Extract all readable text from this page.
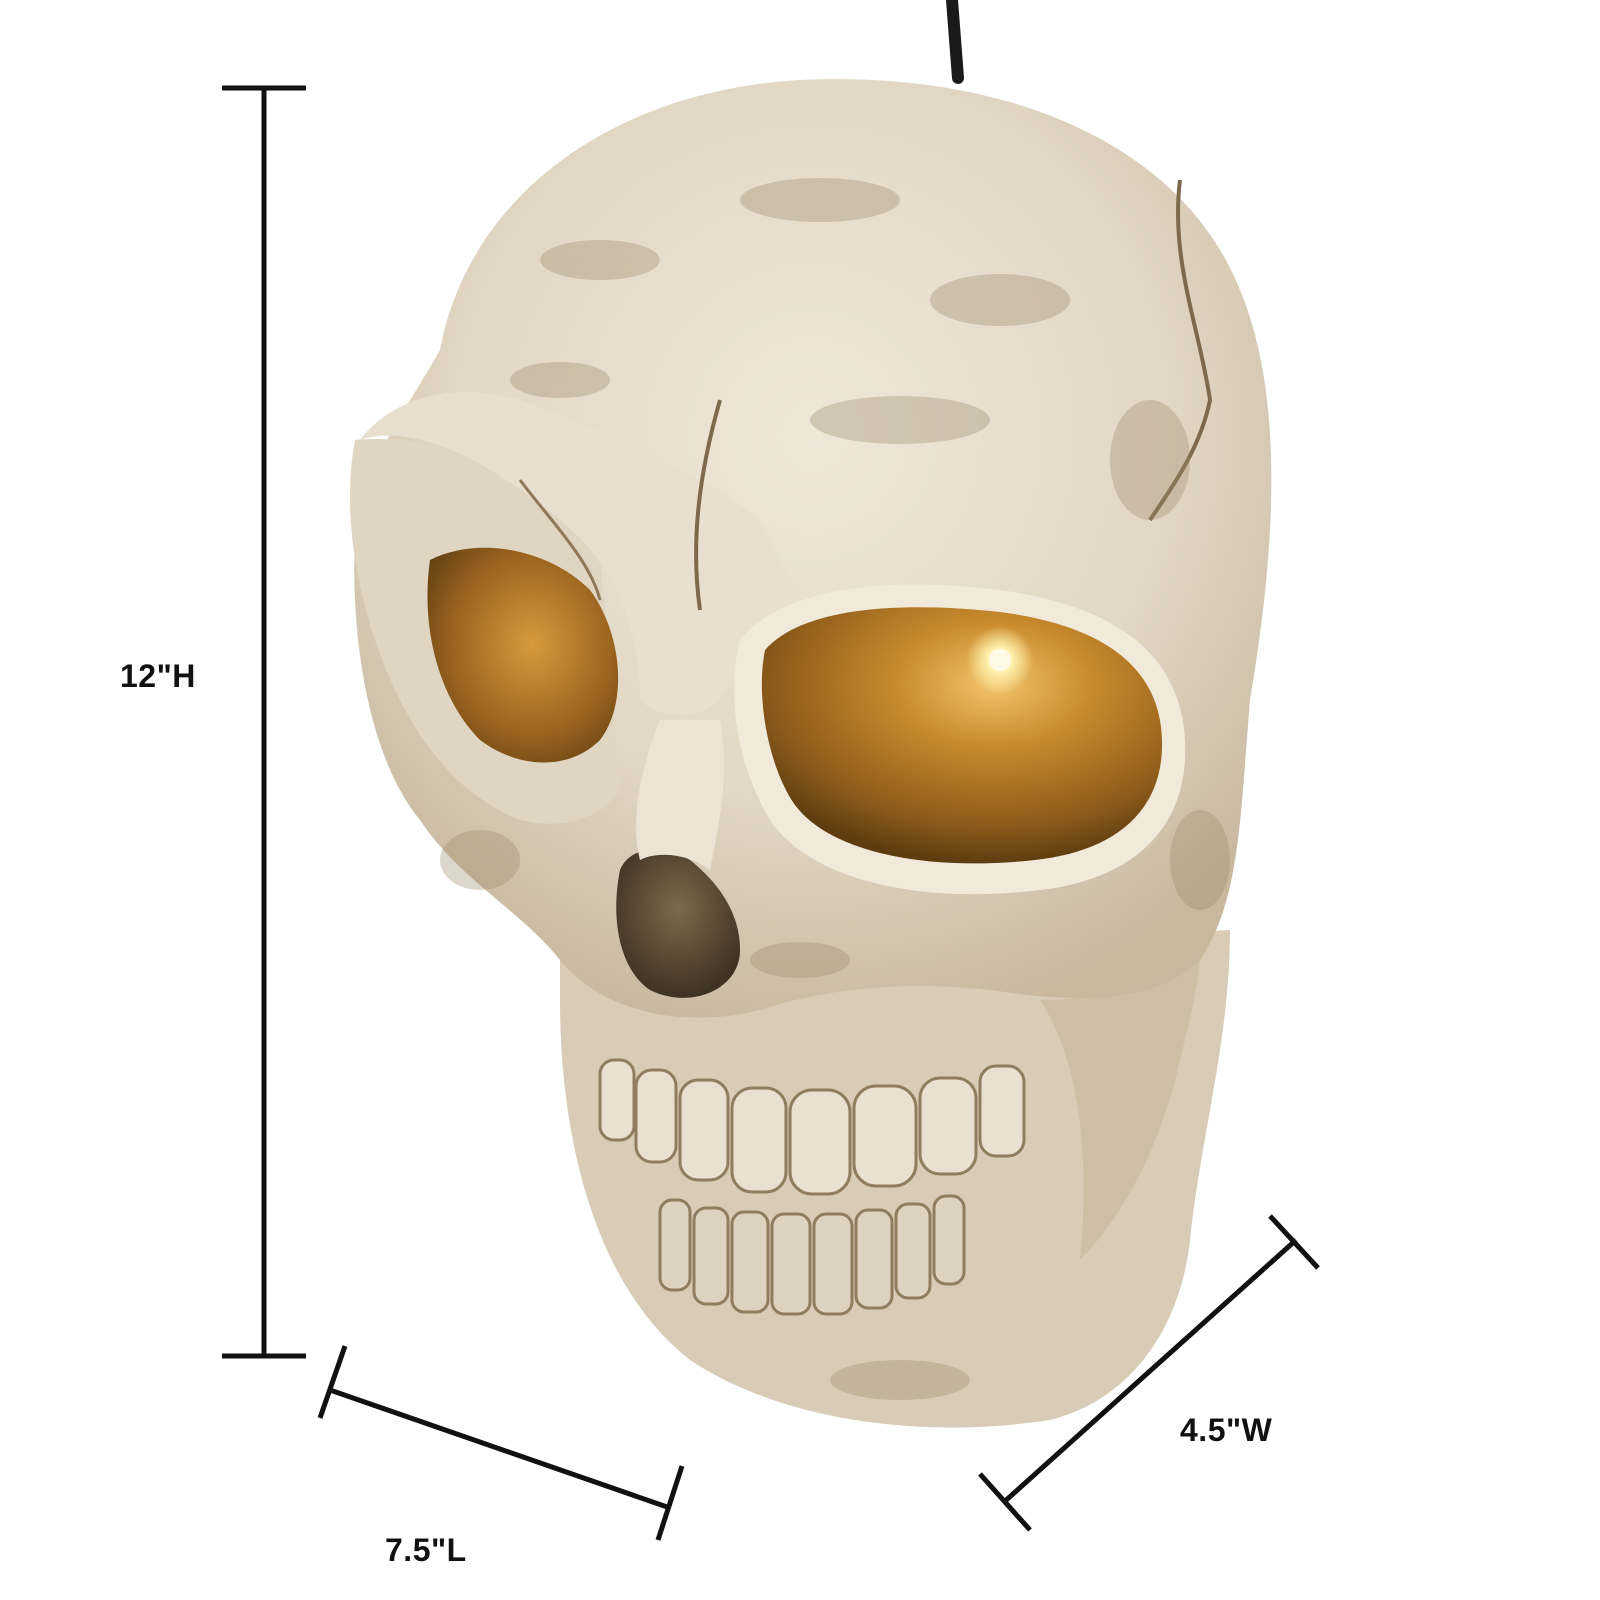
12"H
7.5"L
4.5"W
